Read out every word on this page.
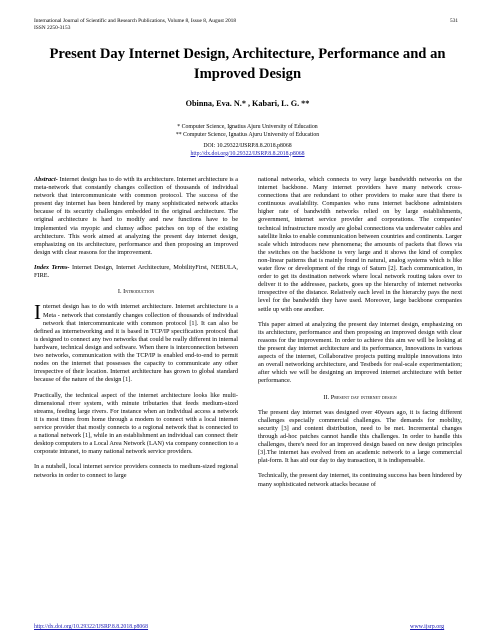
International Journal of Scientific and Research Publications, Volume 8, Issue 8, August 2018
ISSN 2250-3153
531
Present Day Internet Design, Architecture, Performance and an Improved Design
Obinna, Eva. N.* , Kabari, L. G. **
* Computer Science, Ignatius Ajuru University of Education
** Computer Science, Ignatius Ajuru University of Education
DOI: 10.29322/IJSRP.8.8.2018.p8068
http://dx.doi.org/10.29322/IJSRP.8.8.2018.p8068

Abstract- Internet design has to do with its architecture. Internet architecture is a meta-network that constantly changes collection of thousands of individual network that intercommunicate with common protocol. The success of the present day internet has been hindered by many sophisticated network attacks because of its security challenges embedded in the original architecture. The original architecture is hard to modify and new functions have to be implemented via myopic and clumsy adhoc patches on top of the existing architecture. This work aimed at analyzing the present day internet design, emphasizing on its architecture, performance and then proposing an improved design with clear reasons for the improvement.

Index Terms- Internet Design, Internet Architecture, MobilityFirst, NEBULA, FIRE.

I. Introduction

Internet design has to do with internet architecture. Internet architecture is a Meta - network that constantly changes collection of thousands of individual network that intercommunicate with common protocol [1]. It can also be defined as internetworking and it is based in TCP/IP specification protocol that is designed to connect any two networks that could be really different in internal hardware, technical design and software. When there is interconnection between two networks, communication with the TCP/IP is enabled end-to-end to permit nodes on the internet that possesses the capacity to communicate any other irrespective of their location. Internet architecture has grown to global standard because of the nature of the design [1].

Practically, the technical aspect of the internet architecture looks like multi-dimensional river system, with minute tributaries that feeds medium-sized streams, feeding large rivers. For instance when an individual access a network it is most times from home through a modem to connect with a local internet service provider that mostly connects to a regional network that is connected to a national network [1], while in an establishment an individual can connect their desktop computers to a Local Area Network (LAN) via company connection to a corporate intranet, to many national network service providers.

In a nutshell, local internet service providers connects to medium-sized regional networks in order to connect to large

national networks, which connects to very large bandwidth networks on the internet backbone. Many internet providers have many network cross-connections that are redundant to other providers to make sure that there is continuous availability. Companies who runs internet backbone administers higher rate of bandwidth networks relied on by large establishments, government, internet service provider and corporations. The companies' technical infrastructure mostly are global connections via underwater cables and satellite links to enable communication between countries and continents. Larger scale which introduces new phenomena; the amounts of packets that flows via the switches on the backbone is very large and it shows the kind of complex non-linear patterns that is mainly found in natural, analog systems which is like water flow or development of the rings of Saturn [2]. Each communication, in order to get its destination network where local network routing takes over to deliver it to the addressee, packets, goes up the hierarchy of internet networks irrespective of the distance. Relatively each level in the hierarchy pays the next level for the bandwidth they have used. Moreover, large backbone companies settle up with one another.

This paper aimed at analyzing the present day internet design, emphasizing on its architecture, performance and then proposing an improved design with clear reasons for the improvement. In order to achieve this aim we will be looking at the present day internet architecture and its performance, Innovations in various aspects of the internet, Collaborative projects putting multiple innovations into an overall networking architecture, and Testbeds for real-scale experimentation; after which we will be designing an improved internet architecture with better performance.

II. Present day internet design

The present day internet was designed over 40years ago, it is facing different challenges especially commercial challenges. The demands for mobility, security [3] and content distribution, need to be met. Incremental changes through ad-hoc patches cannot handle this challenges. In order to handle this challenges, there's need for an improved design based on new design principles [3].The internet has evolved from an academic network to a large commercial plat-form. It has aid our day to day transaction, it is indispensable.

Technically, the present day internet, its continuing success has been hindered by many sophisticated network attacks because of

http://dx.doi.org/10.29322/IJSRP.8.8.2018.p8068	www.ijsrp.org
